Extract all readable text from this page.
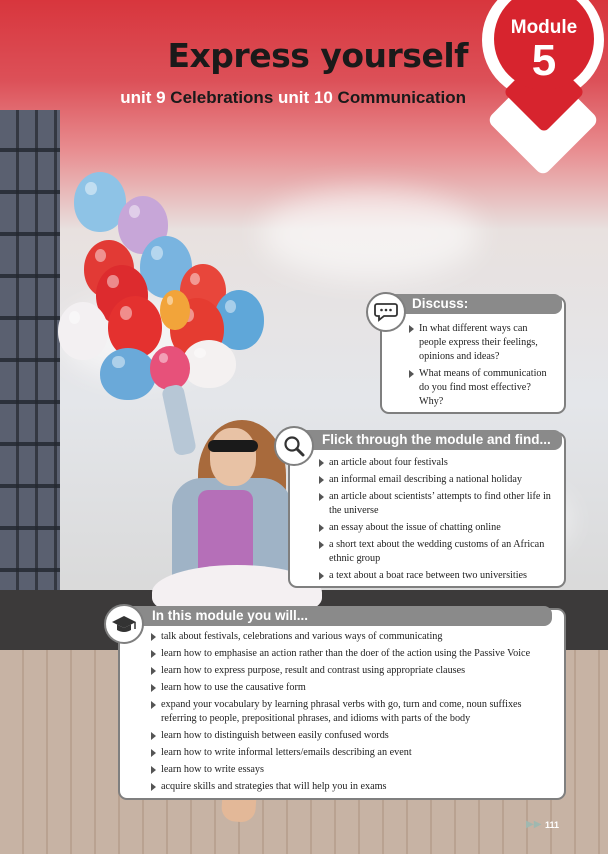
Express yourself
unit 9 Celebrations unit 10 Communication
Module
5
Discuss:
In what different ways can people express their feelings, opinions and ideas?
What means of communication do you find most effective? Why?
Flick through the module and find...
an article about four festivals
an informal email describing a national holiday
an article about scientists’ attempts to find other life in the universe
an essay about the issue of chatting online
a short text about the wedding customs of an African ethnic group
a text about a boat race between two universities
In this module you will...
talk about festivals, celebrations and various ways of communicating
learn how to emphasise an action rather than the doer of the action using the Passive Voice
learn how to express purpose, result and contrast using appropriate clauses
learn how to use the causative form
expand your vocabulary by learning phrasal verbs with go, turn and come, noun suffixes referring to people, prepositional phrases, and idioms with parts of the body
learn how to distinguish between easily confused words
learn how to write informal letters/emails describing an event
learn how to write essays
acquire skills and strategies that will help you in exams
▶▶ 111
